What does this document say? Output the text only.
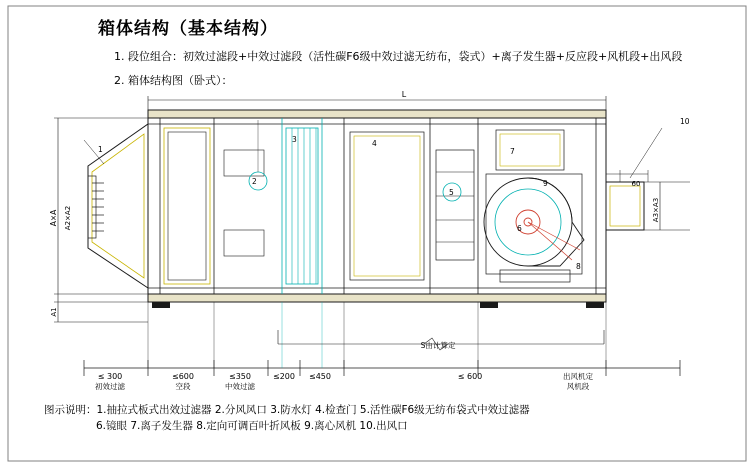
箱体结构（基本结构）
1. 段位组合：初效过滤段+中效过滤段（活性碳F6级中效过滤无纺布，袋式）+离子发生器+反应段+风机段+出风段
2. 箱体结构图（卧式）：
L
A×A A2×A2
A1
A3×A3
60
S由计算定
≤ 300
初效过滤
≤600
空段
≤350
中效过滤
≤200 ≤450	≤ 600	出风机定
风机段
1
2
3	4
5
6
7
8
9
10
图示说明：1.抽拉式板式出效过滤器 2.分风风口 3.防水灯 4.检查门 5.活性碳F6级无纺布袋式中效过滤器
6.镜眼 7.离子发生器 8.定向可调百叶折风板 9.离心风机 10.出风口
